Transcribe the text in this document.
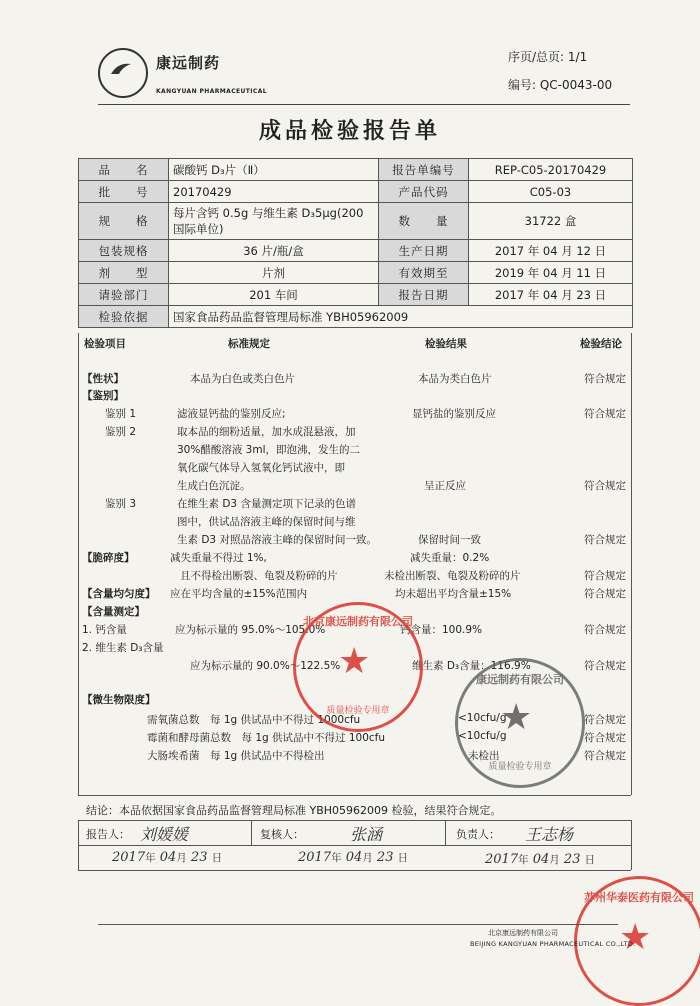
康远制药
KANGYUAN PHARMACEUTICAL
序页/总页: 1/1
编号: QC-0043-00
成品检验报告单
品　　名	碳酸钙 D₃片（Ⅱ）	报告单编号	REP-C05-20170429
批　　号	20170429	产品代码	C05-03
规　　格	每片含钙 0.5g 与维生素 D₃5μg(200国际单位)	数　　量	31722 盒
包装规格	36 片/瓶/盒	生产日期	2017 年 04 月 12 日
剂　　型	片剂	有效期至	2019 年 04 月 11 日
请验部门	201 车间	报告日期	2017 年 04 月 23 日
检验依据	国家食品药品监督管理局标准 YBH05962009		
检验项目	标准规定	检验结果	检验结论
【性状】	本品为白色或类白色片	本品为类白色片	符合规定
【鉴别】
鉴别 1	滤液显钙盐的鉴别反应;	显钙盐的鉴别反应	符合规定
鉴别 2	取本品的细粉适量，加水成混悬液，加
30%醋酸溶液 3ml，即泡沸，发生的二
氧化碳气体导入氢氧化钙试液中，即
生成白色沉淀。	呈正反应	符合规定
鉴别 3	在维生素 D3 含量测定项下记录的色谱
图中，供试品溶液主峰的保留时间与维
生素 D3 对照品溶液主峰的保留时间一致。	保留时间一致	符合规定
【脆碎度】	减失重量不得过 1%,	减失重量：0.2%
且不得检出断裂、龟裂及粉碎的片	未检出断裂、龟裂及粉碎的片	符合规定
【含量均匀度】 应在平均含量的±15%范围内	均未超出平均含量±15%	符合规定
【含量测定】
1. 钙含量	应为标示量的 95.0%～105.0%	钙含量：100.9%	符合规定
2. 维生素 D₃含量
应为标示量的 90.0%～122.5%	维生素 D₃含量：116.9%	符合规定
【微生物限度】
需氧菌总数　每 1g 供试品中不得过 1000cfu	<10cfu/g	符合规定
霉菌和酵母菌总数　每 1g 供试品中不得过 100cfu	<10cfu/g	符合规定
大肠埃希菌　每 1g 供试品中不得检出	未检出	符合规定
结论：本品依据国家食品药品监督管理局标准 YBH05962009 检验，结果符合规定。
报告人： 刘媛媛	复核人：	张涵	负责人： 王志杨
2017年 04月 23 日	2017年 04月 23 日	2017年 04月 23 日
北京康远制药有限公司
★
质量检验专用章
康远制药有限公司
★
质量检验专用章
苏州华泰医药有限公司
★
北京康远制药有限公司
BEIJING KANGYUAN PHARMACEUTICAL CO.,LTD.
